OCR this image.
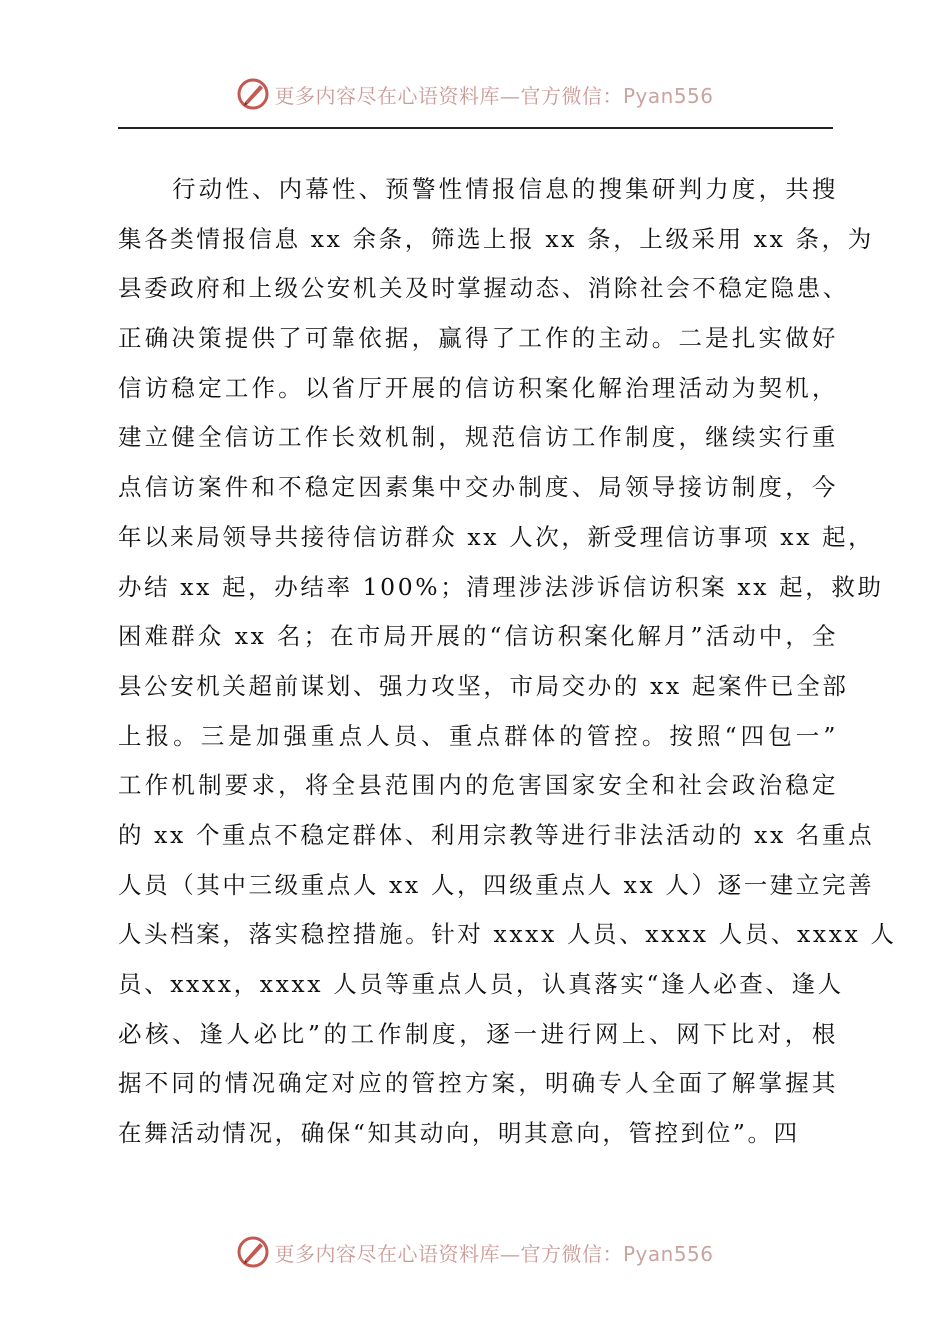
更多内容尽在心语资料库—官方微信：Pyan556
行动性、内幕性、预警性情报信息的搜集研判力度，共搜
集各类情报信息 xx 余条，筛选上报 xx 条，上级采用 xx 条，为
县委政府和上级公安机关及时掌握动态、消除社会不稳定隐患、
正确决策提供了可靠依据，赢得了工作的主动。二是扎实做好
信访稳定工作。以省厅开展的信访积案化解治理活动为契机，
建立健全信访工作长效机制，规范信访工作制度，继续实行重
点信访案件和不稳定因素集中交办制度、局领导接访制度，今
年以来局领导共接待信访群众 xx 人次，新受理信访事项 xx 起，
办结 xx 起，办结率 100%；清理涉法涉诉信访积案 xx 起，救助
困难群众 xx 名；在市局开展的“信访积案化解月”活动中，全
县公安机关超前谋划、强力攻坚，市局交办的 xx 起案件已全部
上报。三是加强重点人员、重点群体的管控。按照“四包一”
工作机制要求，将全县范围内的危害国家安全和社会政治稳定
的 xx 个重点不稳定群体、利用宗教等进行非法活动的 xx 名重点
人员（其中三级重点人 xx 人，四级重点人 xx 人）逐一建立完善
人头档案，落实稳控措施。针对 xxxx 人员、xxxx 人员、xxxx 人
员、xxxx，xxxx 人员等重点人员，认真落实“逢人必查、逢人
必核、逢人必比”的工作制度，逐一进行网上、网下比对，根
据不同的情况确定对应的管控方案，明确专人全面了解掌握其
在舞活动情况，确保“知其动向，明其意向，管控到位”。四
更多内容尽在心语资料库—官方微信：Pyan556
